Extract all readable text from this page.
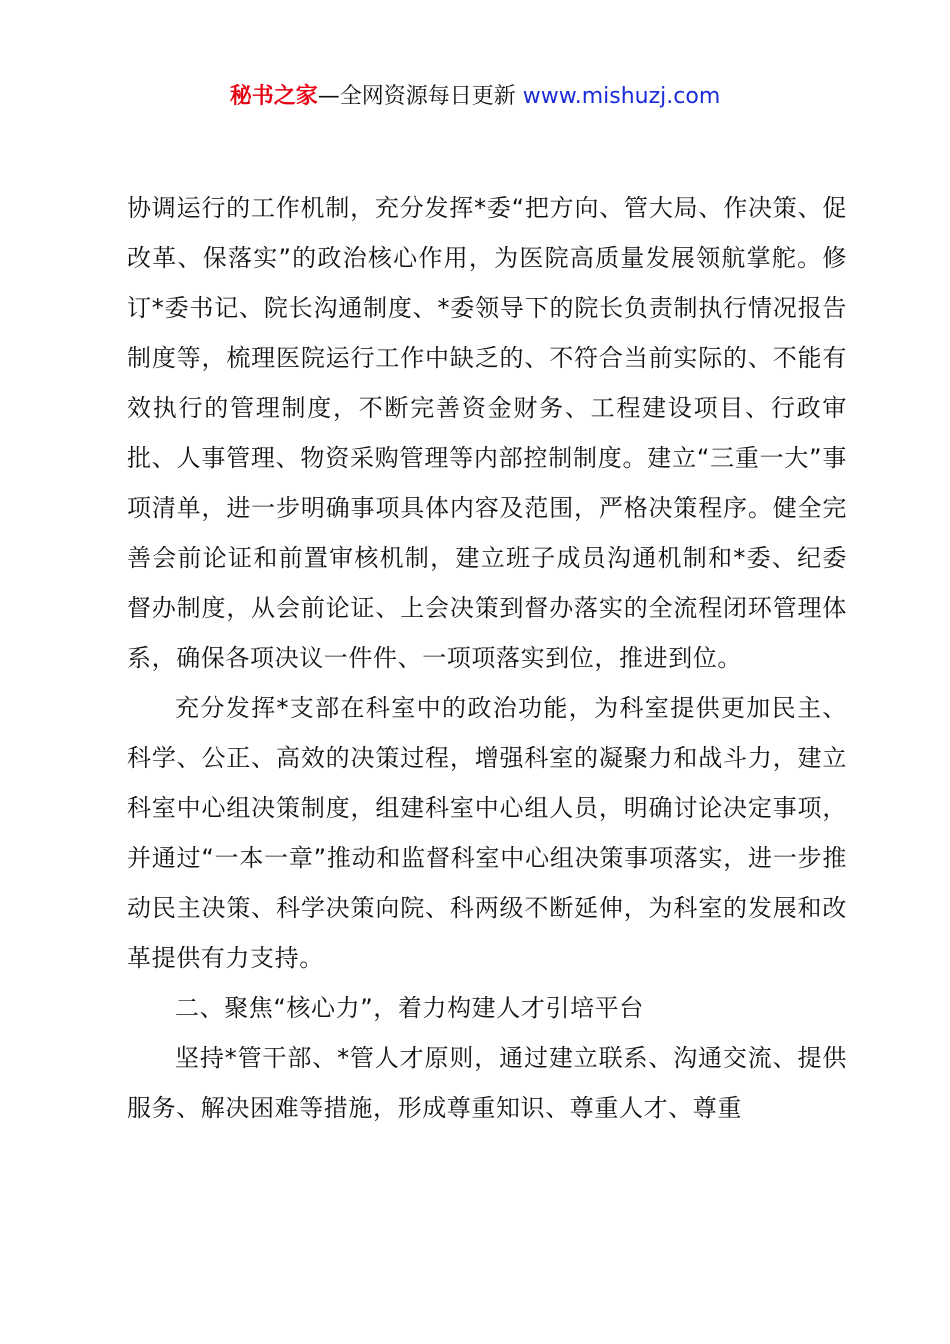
秘书之家—全网资源每日更新 www.mishuzj.com

协调运行的工作机制，充分发挥*委“把方向、管大局、作决策、促改革、保落实”的政治核心作用，为医院高质量发展领航掌舵。修订*委书记、院长沟通制度、*委领导下的院长负责制执行情况报告制度等，梳理医院运行工作中缺乏的、不符合当前实际的、不能有效执行的管理制度，不断完善资金财务、工程建设项目、行政审批、人事管理、物资采购管理等内部控制制度。建立“三重一大”事项清单，进一步明确事项具体内容及范围，严格决策程序。健全完善会前论证和前置审核机制，建立班子成员沟通机制和*委、纪委督办制度，从会前论证、上会决策到督办落实的全流程闭环管理体系，确保各项决议一件件、一项项落实到位，推进到位。

充分发挥*支部在科室中的政治功能，为科室提供更加民主、科学、公正、高效的决策过程，增强科室的凝聚力和战斗力，建立科室中心组决策制度，组建科室中心组人员，明确讨论决定事项，并通过“一本一章”推动和监督科室中心组决策事项落实，进一步推动民主决策、科学决策向院、科两级不断延伸，为科室的发展和改革提供有力支持。

二、聚焦“核心力”，着力构建人才引培平台

坚持*管干部、*管人才原则，通过建立联系、沟通交流、提供服务、解决困难等措施，形成尊重知识、尊重人才、尊重
